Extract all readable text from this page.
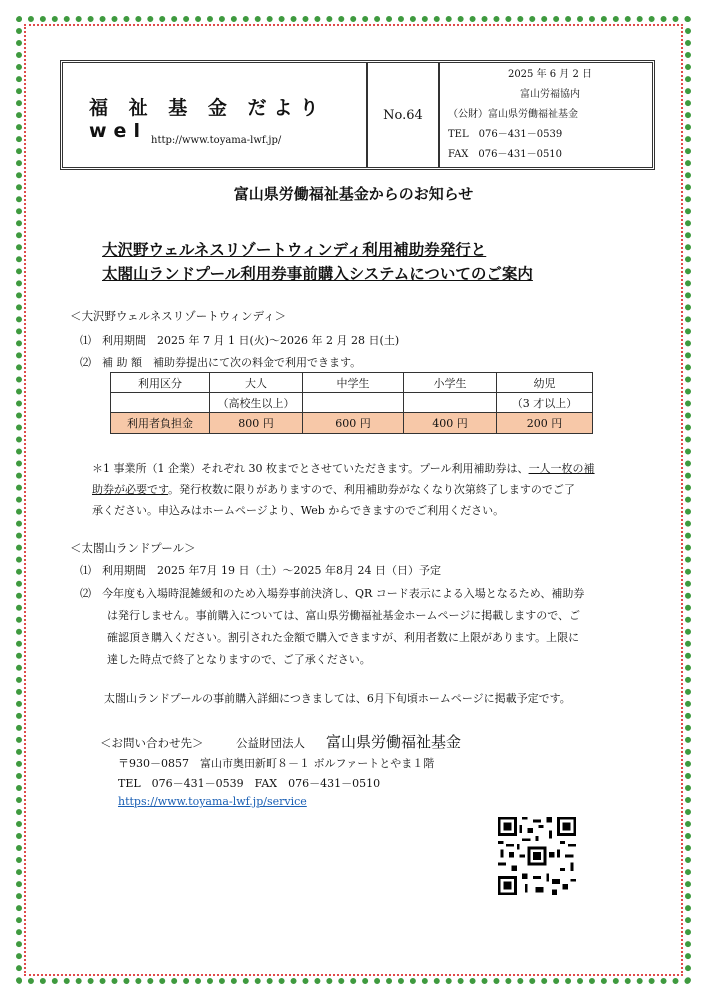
福 祉 基 金 だよりwel http://www.toyama-lwf.jp/
No.64
2025 年 6 月 2 日
富山労福協内
（公財）富山県労働福祉基金
TEL　076－431－0539
FAX　076－431－0510
富山県労働福祉基金からのお知らせ
大沢野ウェルネスリゾートウィンディ利用補助券発行と
太閤山ランドプール利用券事前購入システムについてのご案内
＜大沢野ウェルネスリゾートウィンディ＞
⑴　利用期間　2025 年 7 月 1 日(火)～2026 年 2 月 28 日(土)
⑵　補 助 額　補助券提出にて次の料金で利用できます。
利用区分	大人	中学生	小学生	幼児
	（高校生以上）			（3 才以上）
利用者負担金	800 円	600 円	400 円	200 円
＊1 事業所（1 企業）それぞれ 30 枚までとさせていただきます。プール利用補助券は、一人一枚の補
助券が必要です。発行枚数に限りがありますので、利用補助券がなくなり次第終了しますのでご了
承ください。申込みはホームページより、Web からできますのでご利用ください。
＜太閤山ランドプール＞
⑴　利用期間　2025 年7月 19 日（土）～2025 年8月 24 日（日）予定
⑵　今年度も入場時混雑緩和のため入場券事前決済し、QR コード表示による入場となるため、補助券
は発行しません。事前購入については、富山県労働福祉基金ホームページに掲載しますので、ご
確認頂き購入ください。割引された金額で購入できますが、利用者数に上限があります。上限に
達した時点で終了となりますので、ご了承ください。
太閤山ランドプールの事前購入詳細につきましては、6月下旬頃ホームページに掲載予定です。
＜お問い合わせ先＞	公益財団法人 富山県労働福祉基金
〒930－0857　富山市奥田新町８－１ ボルファートとやま１階
TEL　076－431－0539　FAX　076－431－0510
https://www.toyama-lwf.jp/service
